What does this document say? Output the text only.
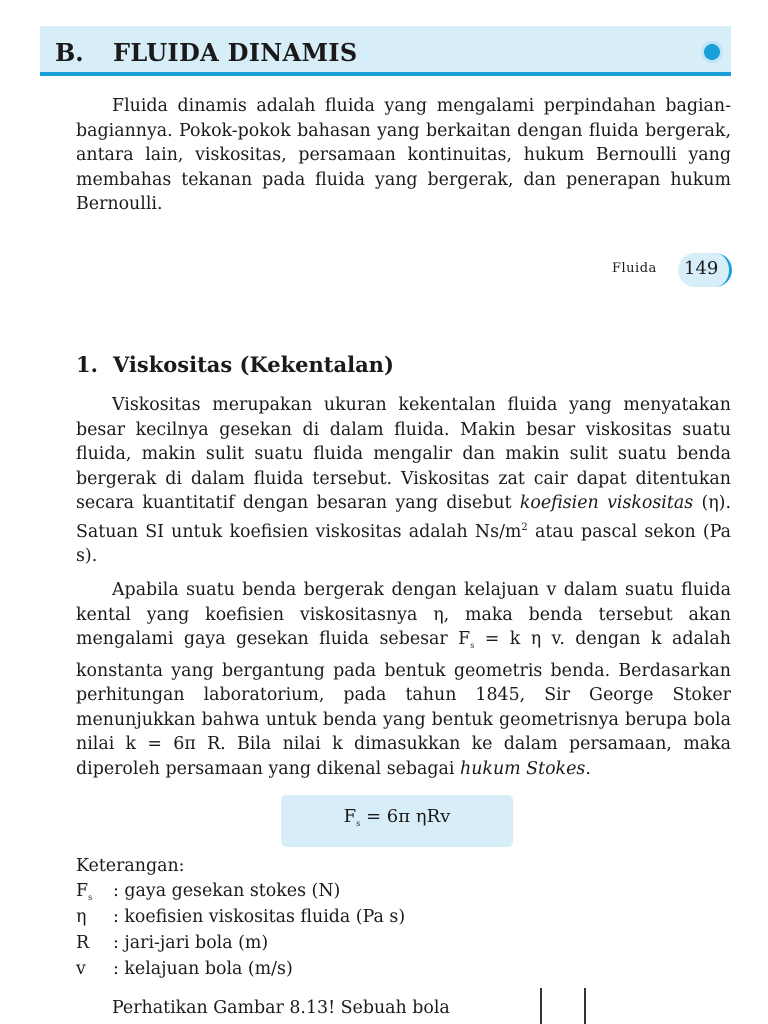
B. FLUIDA DINAMIS

Fluida dinamis adalah fluida yang mengalami perpindahan bagian-bagiannya. Pokok-pokok bahasan yang berkaitan dengan fluida bergerak, antara lain, viskositas, persamaan kontinuitas, hukum Bernoulli yang membahas tekanan pada fluida yang bergerak, dan penerapan hukum Bernoulli.

Fluida 149
1. Viskositas (Kekentalan)

Viskositas merupakan ukuran kekentalan fluida yang menyatakan besar kecilnya gesekan di dalam fluida. Makin besar viskositas suatu fluida, makin sulit suatu fluida mengalir dan makin sulit suatu benda bergerak di dalam fluida tersebut. Viskositas zat cair dapat ditentukan secara kuantitatif dengan besaran yang disebut koefisien viskositas (η). Satuan SI untuk koefisien viskositas adalah $Ns/m^2$ atau pascal sekon (Pa s).

Apabila suatu benda bergerak dengan kelajuan v dalam suatu fluida kental yang koefisien viskositasnya η, maka benda tersebut akan mengalami gaya gesekan fluida sebesar $F_s = k$ η v. dengan k adalah konstanta yang bergantung pada bentuk geometris benda. Berdasarkan perhitungan laboratorium, pada tahun 1845, Sir George Stoker menunjukkan bahwa untuk benda yang bentuk geometrisnya berupa bola nilai k = 6π R. Bila nilai k dimasukkan ke dalam persamaan, maka diperoleh persamaan yang dikenal sebagai hukum Stokes.

$F_s = 6\pi$ ηRv
Keterangan:
$F_s$ : gaya gesekan stokes (N)
η : koefisien viskositas fluida (Pa s)
R : jari-jari bola (m)
v : kelajuan bola (m/s)
Perhatikan Gambar 8.13! Sebuah bola
